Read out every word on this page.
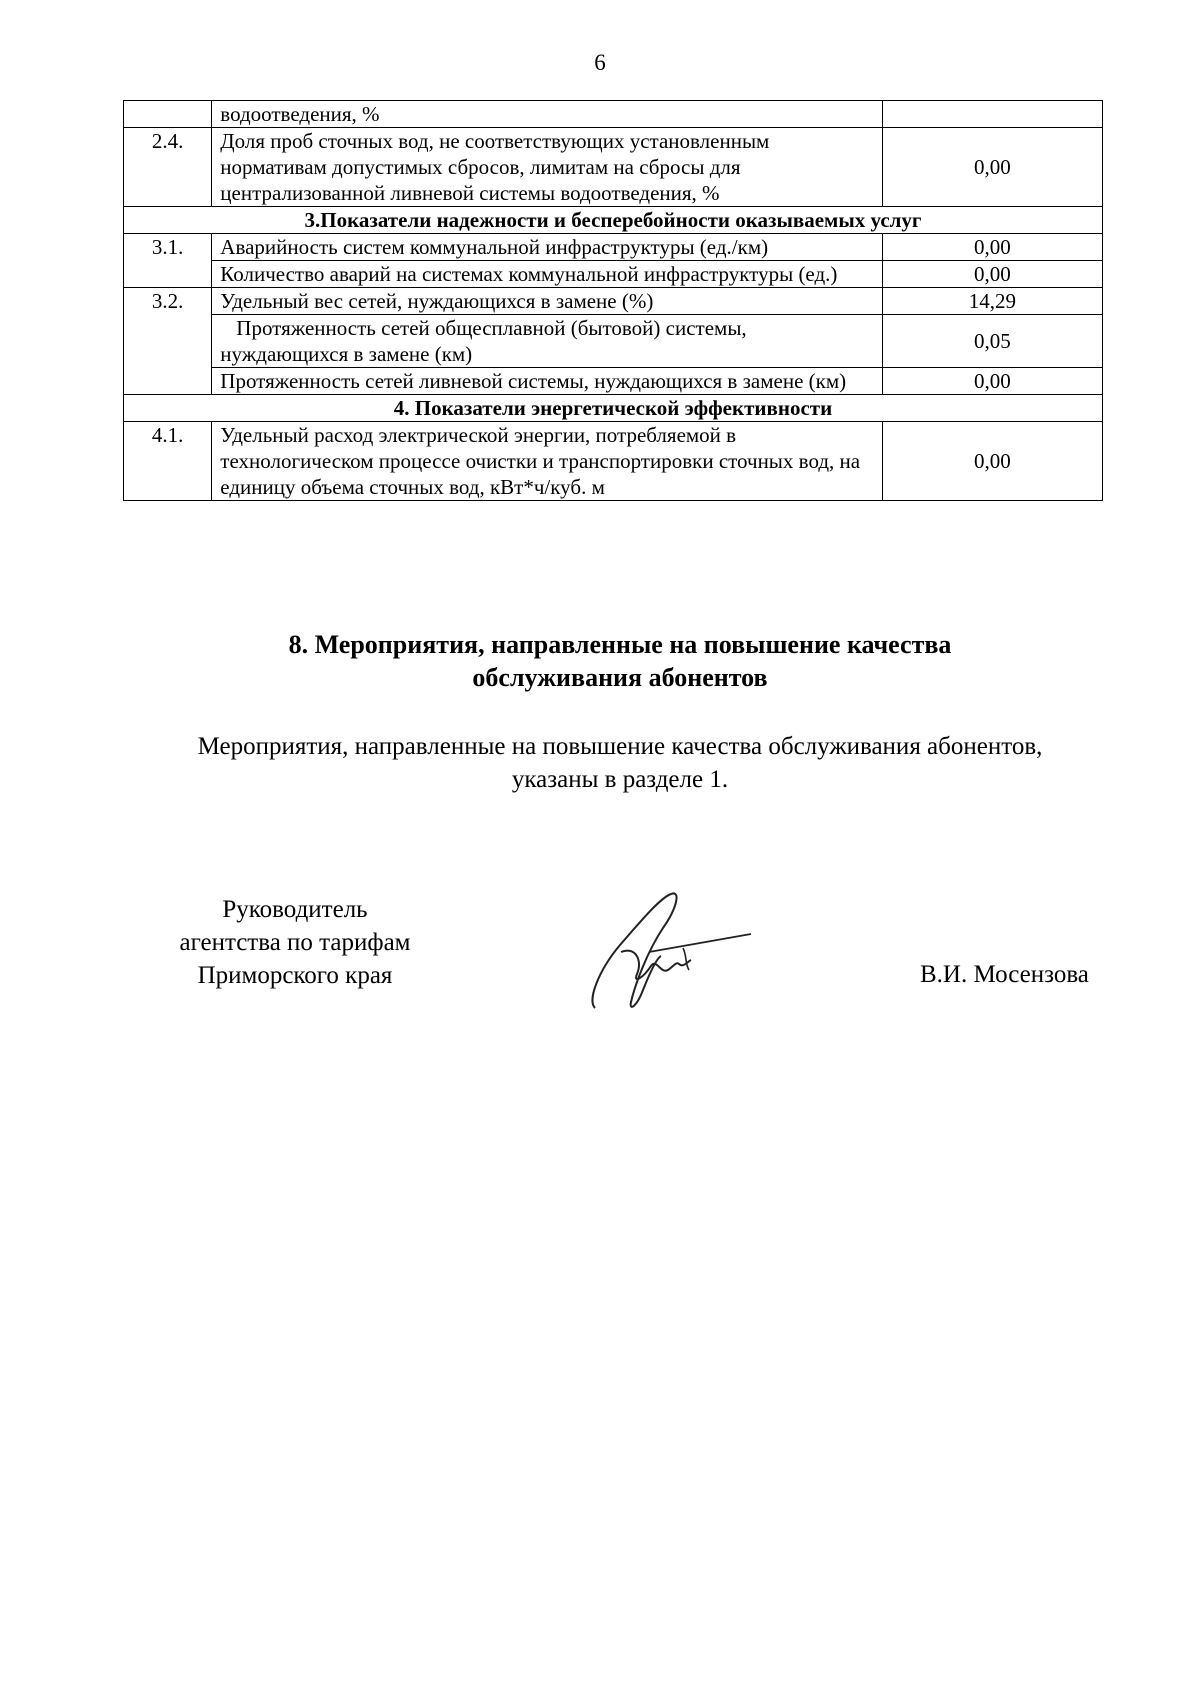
6
	водоотведения, %	
2.4.	Доля проб сточных вод, не соответствующих установленным нормативам допустимых сбросов, лимитам на сбросы для централизованной ливневой системы водоотведения, %	0,00
3.Показатели надежности и бесперебойности оказываемых услуг		
3.1.	Аварийность систем коммунальной инфраструктуры (ед./км)	0,00
	Количество аварий на системах коммунальной инфраструктуры (ед.)	0,00
3.2.	Удельный вес сетей, нуждающихся в замене (%)	14,29
	Протяженность сетей общесплавной (бытовой) системы, нуждающихся в замене (км)	0,05
	Протяженность сетей ливневой системы, нуждающихся в замене (км)	0,00
4. Показатели энергетической эффективности		
4.1.	Удельный расход электрической энергии, потребляемой в технологическом процессе очистки и транспортировки сточных вод, на единицу объема сточных вод, кВт*ч/куб. м	0,00
8. Мероприятия, направленные на повышение качества
обслуживания абонентов
Мероприятия, направленные на повышение качества обслуживания абонентов,
указаны в разделе 1.
Руководитель
агентства по тарифам
Приморского края	В.И. Мосензова
